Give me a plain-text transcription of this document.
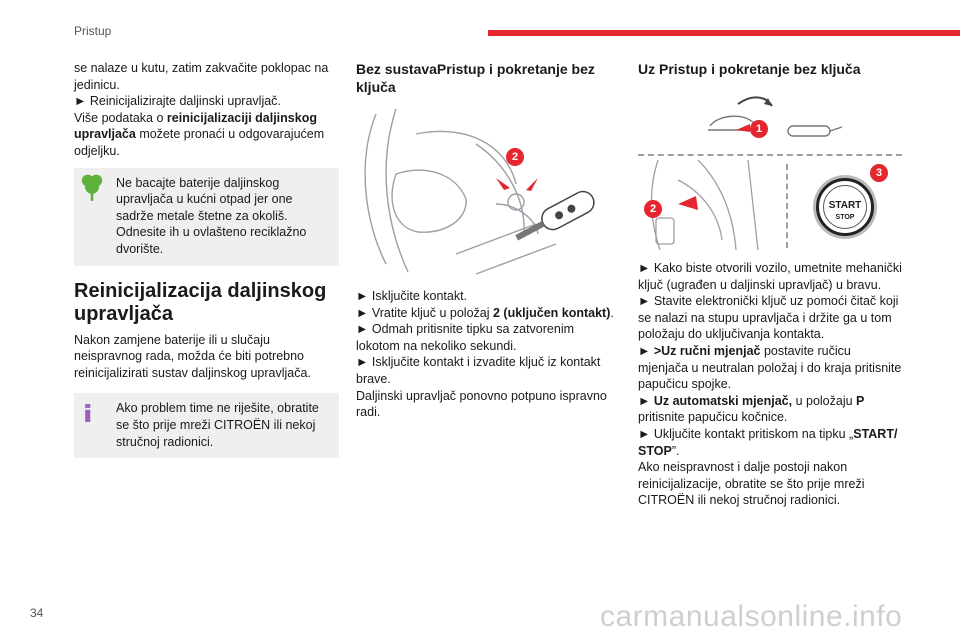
Pristup

se nalaze u kutu, zatim zakvačite poklopac na jedinicu.

► Reinicijalizirajte daljinski upravljač.

Više podataka o reinicijalizaciji daljinskog upravljača možete pronaći u odgovarajućem odjeljku.

Ne bacajte baterije daljinskog upravljača u kućni otpad jer one sadrže metale štetne za okoliš. Odnesite ih u ovlašteno reciklažno dvorište.
Reinicijalizacija daljinskog upravljača

Nakon zamjene baterije ili u slučaju neispravnog rada, možda će biti potrebno reinicijalizirati sustav daljinskog upravljača.

Ako problem time ne riješite, obratite se što prije mreži CITROËN ili nekoj stručnoj radionici.
Bez sustavaPristup i pokretanje bez ključa
2

► Isključite kontakt.

► Vratite ključ u položaj 2 (uključen kontakt).

► Odmah pritisnite tipku sa zatvorenim lokotom na nekoliko sekundi.

► Isključite kontakt i izvadite ključ iz kontakt brave.

Daljinski upravljač ponovno potpuno ispravno radi.

Uz Pristup i pokretanje bez ključa
1
2	START
STOP
3

► Kako biste otvorili vozilo, umetnite mehanički ključ (ugrađen u daljinski upravljač) u bravu.

► Stavite elektronički ključ uz pomoći čitač koji se nalazi na stupu upravljača i držite ga u tom položaju do uključivanja kontakta.

► >Uz ručni mjenjač postavite ručicu mjenjača u neutralan položaj i do kraja pritisnite papučicu spojke.

► Uz automatski mjenjač, u položaju P pritisnite papučicu kočnice.

► Uključite kontakt pritiskom na tipku „START/ STOP”.

Ako neispravnost i dalje postoji nakon reinicijalizacije, obratite se što prije mreži CITROËN ili nekoj stručnoj radionici.

34	carmanualsonline.info
